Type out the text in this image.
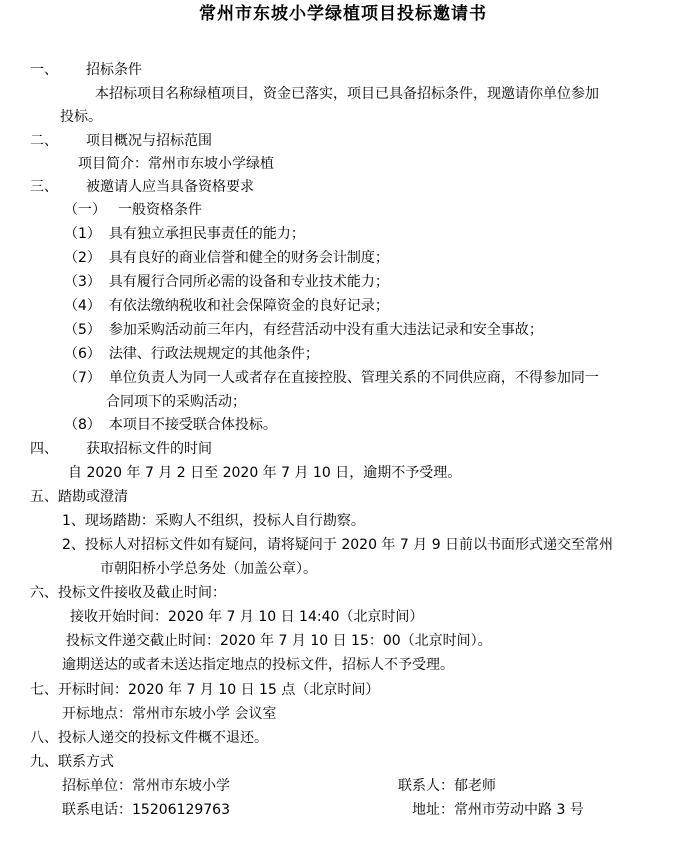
常州市东坡小学绿植项目投标邀请书
一、 招标条件
本招标项目名称绿植项目，资金已落实，项目已具备招标条件，现邀请你单位参加
投标。
二、 项目概况与招标范围
项目简介：常州市东坡小学绿植
三、 被邀请人应当具备资格要求
（一） 一般资格条件
（1） 具有独立承担民事责任的能力；
（2） 具有良好的商业信誉和健全的财务会计制度；
（3） 具有履行合同所必需的设备和专业技术能力；
（4） 有依法缴纳税收和社会保障资金的良好记录；
（5） 参加采购活动前三年内，有经营活动中没有重大违法记录和安全事故；
（6） 法律、行政法规规定的其他条件；
（7） 单位负责人为同一人或者存在直接控股、管理关系的不同供应商，不得参加同一
合同项下的采购活动；
（8） 本项目不接受联合体投标。
四、 获取招标文件的时间
自 2020 年 7 月 2 日至 2020 年 7 月 10 日，逾期不予受理。
五、踏勘或澄清
1、现场踏勘：采购人不组织，投标人自行勘察。
2、投标人对招标文件如有疑问，请将疑问于 2020 年 7 月 9 日前以书面形式递交至常州
市朝阳桥小学总务处（加盖公章）。
六、投标文件接收及截止时间：
接收开始时间：2020 年 7 月 10 日 14:40（北京时间）
投标文件递交截止时间：2020 年 7 月 10 日 15：00（北京时间）。
逾期送达的或者未送达指定地点的投标文件，招标人不予受理。
七、开标时间：2020 年 7 月 10 日 15 点（北京时间）
开标地点：常州市东坡小学 会议室
八、投标人递交的投标文件概不退还。
九、联系方式
招标单位：常州市东坡小学	联系人：郁老师
联系电话：15206129763	地址：常州市劳动中路 3 号
